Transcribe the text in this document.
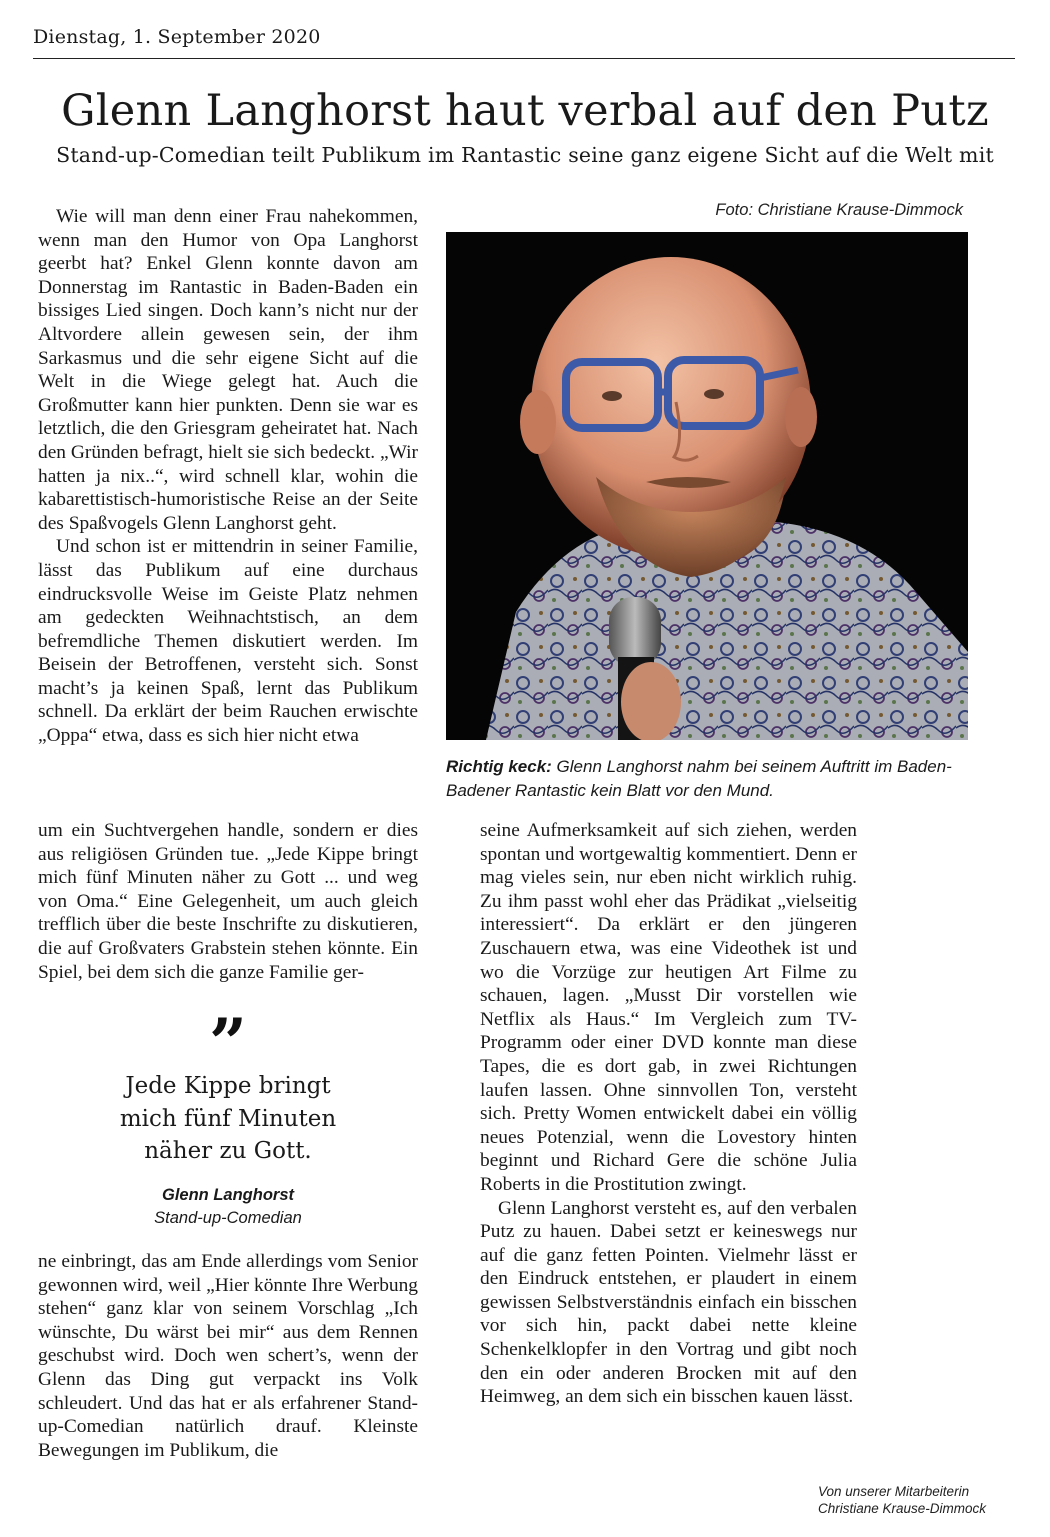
Dienstag, 1. September 2020
Glenn Langhorst haut verbal auf den Putz
Stand-up-Comedian teilt Publikum im Rantastic seine ganz eigene Sicht auf die Welt mit

Wie will man denn einer Frau nahekommen, wenn man den Humor von Opa Langhorst geerbt hat? Enkel Glenn konnte davon am Donnerstag im Rantastic in Baden-Baden ein bissiges Lied singen. Doch kann’s nicht nur der Altvordere allein gewesen sein, der ihm Sarkasmus und die sehr eigene Sicht auf die Welt in die Wiege gelegt hat. Auch die Großmutter kann hier punkten. Denn sie war es letztlich, die den Griesgram geheiratet hat. Nach den Gründen befragt, hielt sie sich bedeckt. „Wir hatten ja nix..“, wird schnell klar, wohin die kabarettistisch-humoristische Reise an der Seite des Spaßvogels Glenn Langhorst geht.

Und schon ist er mittendrin in seiner Familie, lässt das Publikum auf eine durchaus eindrucksvolle Weise im Geiste Platz nehmen am gedeckten Weihnachtstisch, an dem befremdliche Themen diskutiert werden. Im Beisein der Betroffenen, versteht sich. Sonst macht’s ja keinen Spaß, lernt das Publikum schnell. Da erklärt der beim Rauchen erwischte „Oppa“ etwa, dass es sich hier nicht etwa

Foto: Christiane Krause-Dimmock
Richtig keck: Glenn Langhorst nahm bei seinem Auftritt im Baden-Badener Rantastic kein Blatt vor den Mund.

um ein Suchtvergehen handle, sondern er dies aus religiösen Gründen tue. „Jede Kippe bringt mich fünf Minuten näher zu Gott ... und weg von Oma.“ Eine Gelegenheit, um auch gleich trefflich über die beste Inschrifte zu diskutieren, die auf Großvaters Grabstein stehen könnte. Ein Spiel, bei dem sich die ganze Familie ger-

”
Jede Kippe bringt
mich fünf Minuten
näher zu Gott.
Glenn Langhorst
Stand-up-Comedian

ne einbringt, das am Ende allerdings vom Senior gewonnen wird, weil „Hier könnte Ihre Werbung stehen“ ganz klar von seinem Vorschlag „Ich wünschte, Du wärst bei mir“ aus dem Rennen geschubst wird. Doch wen schert’s, wenn der Glenn das Ding gut verpackt ins Volk schleudert. Und das hat er als erfahrener Stand-up-Comedian natürlich drauf. Kleinste Bewegungen im Publikum, die

seine Aufmerksamkeit auf sich ziehen, werden spontan und wortgewaltig kommentiert. Denn er mag vieles sein, nur eben nicht wirklich ruhig. Zu ihm passt wohl eher das Prädikat „vielseitig interessiert“. Da erklärt er den jüngeren Zuschauern etwa, was eine Videothek ist und wo die Vorzüge zur heutigen Art Filme zu schauen, lagen. „Musst Dir vorstellen wie Netflix als Haus.“ Im Vergleich zum TV-Programm oder einer DVD konnte man diese Tapes, die es dort gab, in zwei Richtungen laufen lassen. Ohne sinnvollen Ton, versteht sich. Pretty Women entwickelt dabei ein völlig neues Potenzial, wenn die Lovestory hinten beginnt und Richard Gere die schöne Julia Roberts in die Prostitution zwingt.

Glenn Langhorst versteht es, auf den verbalen Putz zu hauen. Dabei setzt er keineswegs nur auf die ganz fetten Pointen. Vielmehr lässt er den Eindruck entstehen, er plaudert in einem gewissen Selbstverständnis einfach ein bisschen vor sich hin, packt dabei nette kleine Schenkelklopfer in den Vortrag und gibt noch den ein oder anderen Brocken mit auf den Heimweg, an dem sich ein bisschen kauen lässt.

Von unserer Mitarbeiterin
Christiane Krause-Dimmock
